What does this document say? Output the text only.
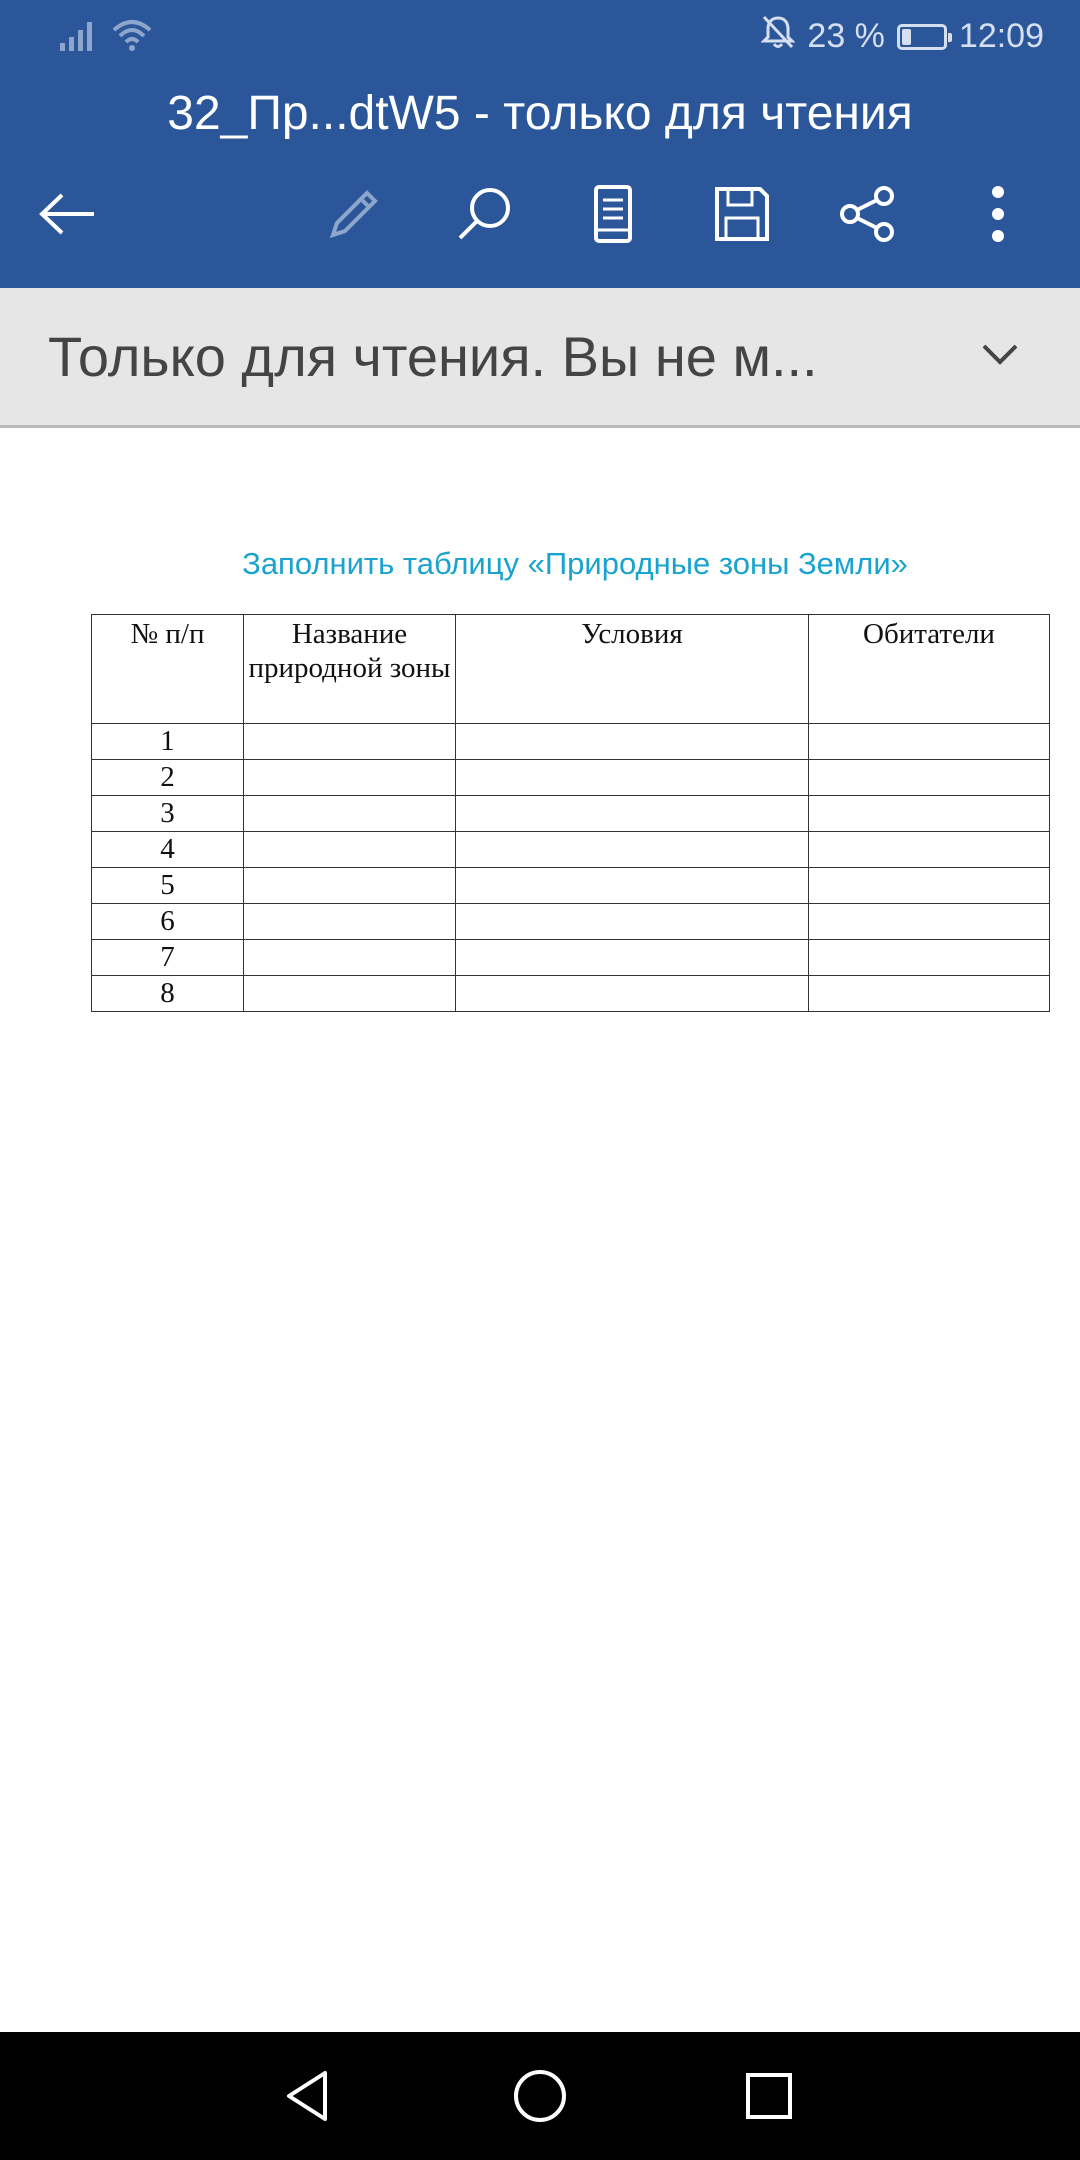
23 % 12:09
32_Пр...dtW5 - только для чтения
Только для чтения. Вы не м...
Заполнить таблицу «Природные зоны Земли»
№ п/п	Название природной зоны	Условия	Обитатели
1			
2			
3			
4			
5			
6			
7			
8			
